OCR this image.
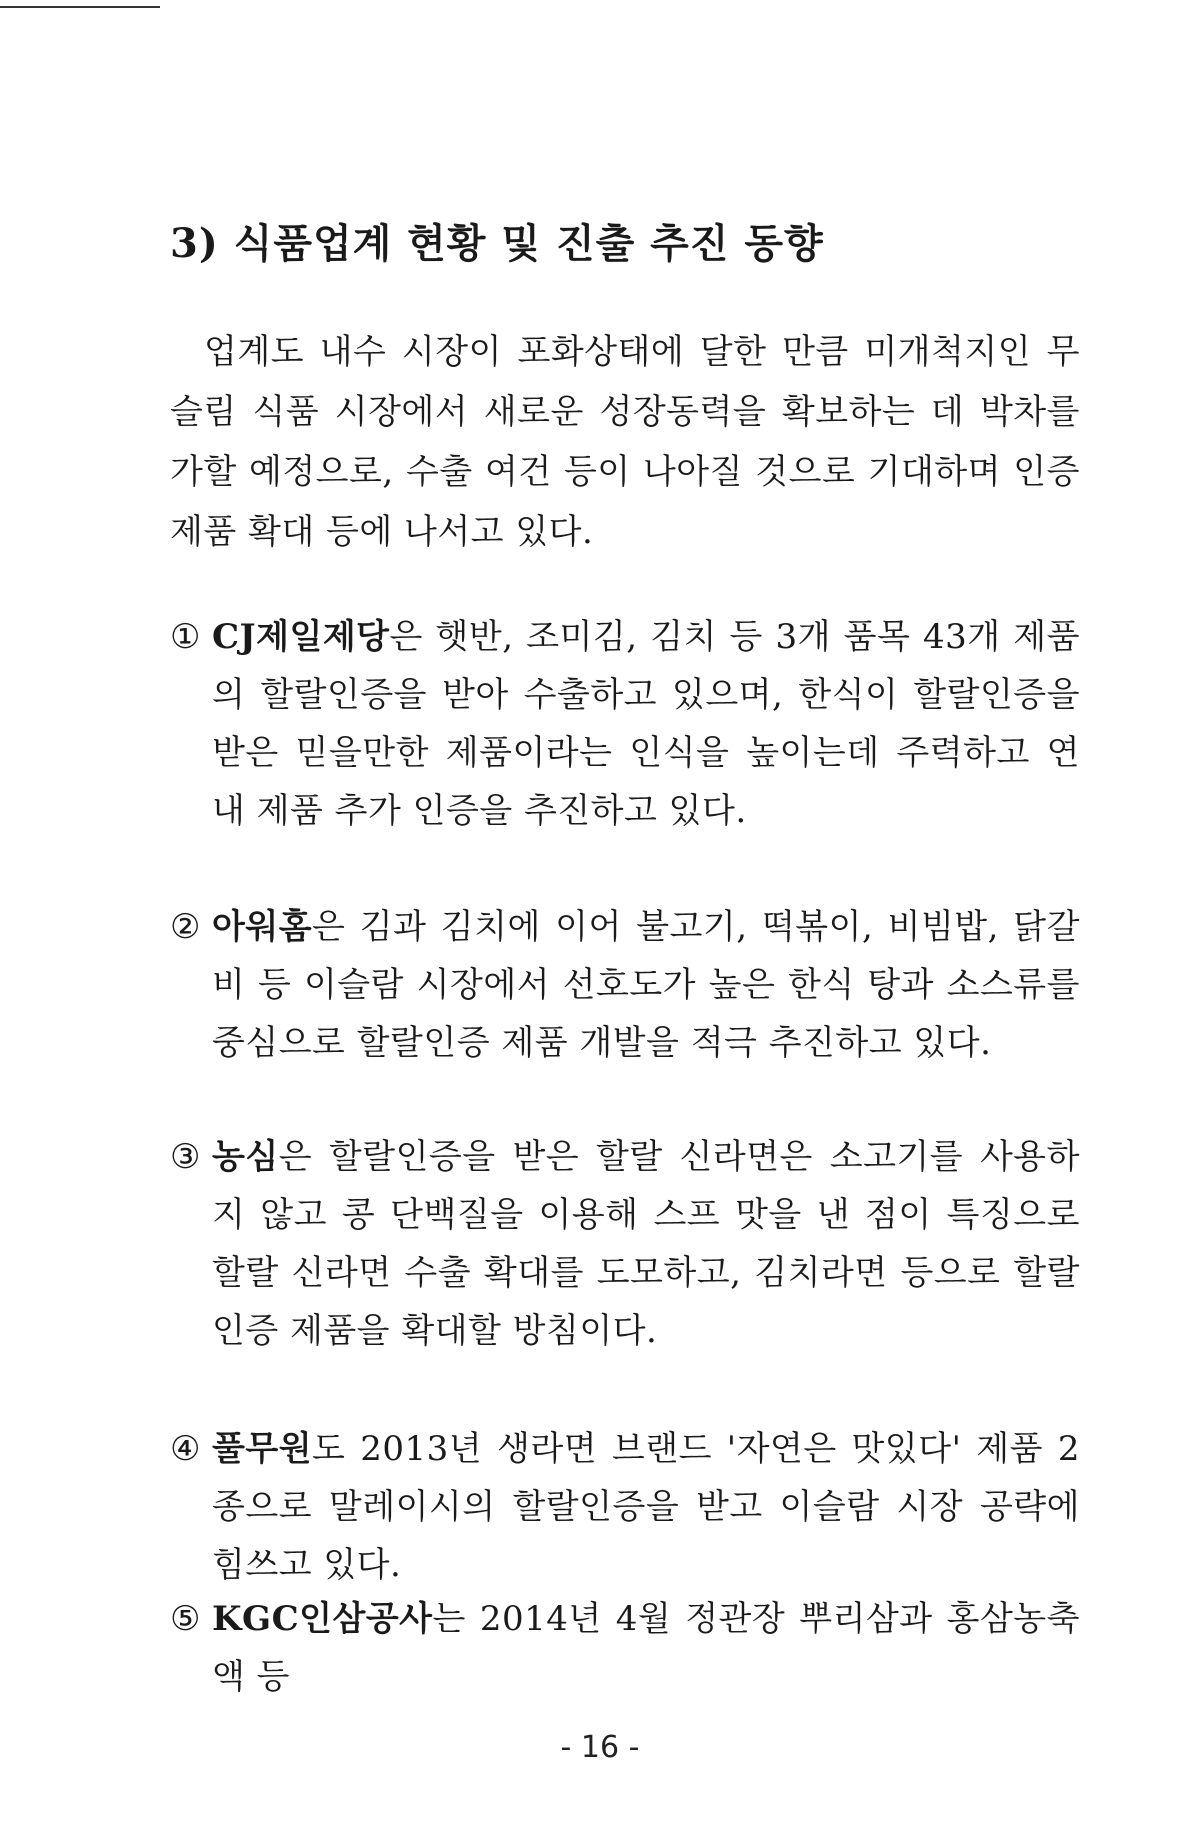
3) 식품업계 현황 및 진출 추진 동향
업계도 내수 시장이 포화상태에 달한 만큼 미개척지인 무슬림 식품 시장에서 새로운 성장동력을 확보하는 데 박차를 가할 예정으로, 수출 여건 등이 나아질 것으로 기대하며 인증제품 확대 등에 나서고 있다.
① CJ제일제당은 햇반, 조미김, 김치 등 3개 품목 43개 제품의 할랄인증을 받아 수출하고 있으며, 한식이 할랄인증을 받은 믿을만한 제품이라는 인식을 높이는데 주력하고 연내 제품 추가 인증을 추진하고 있다.
② 아워홈은 김과 김치에 이어 불고기, 떡볶이, 비빔밥, 닭갈비 등 이슬람 시장에서 선호도가 높은 한식 탕과 소스류를 중심으로 할랄인증 제품 개발을 적극 추진하고 있다.
③ 농심은 할랄인증을 받은 할랄 신라면은 소고기를 사용하지 않고 콩 단백질을 이용해 스프 맛을 낸 점이 특징으로 할랄 신라면 수출 확대를 도모하고, 김치라면 등으로 할랄인증 제품을 확대할 방침이다.
④ 풀무원도 2013년 생라면 브랜드 '자연은 맛있다' 제품 2종으로 말레이시의 할랄인증을 받고 이슬람 시장 공략에 힘쓰고 있다.
⑤ KGC인삼공사는 2014년 4월 정관장 뿌리삼과 홍삼농축액 등
- 16 -
